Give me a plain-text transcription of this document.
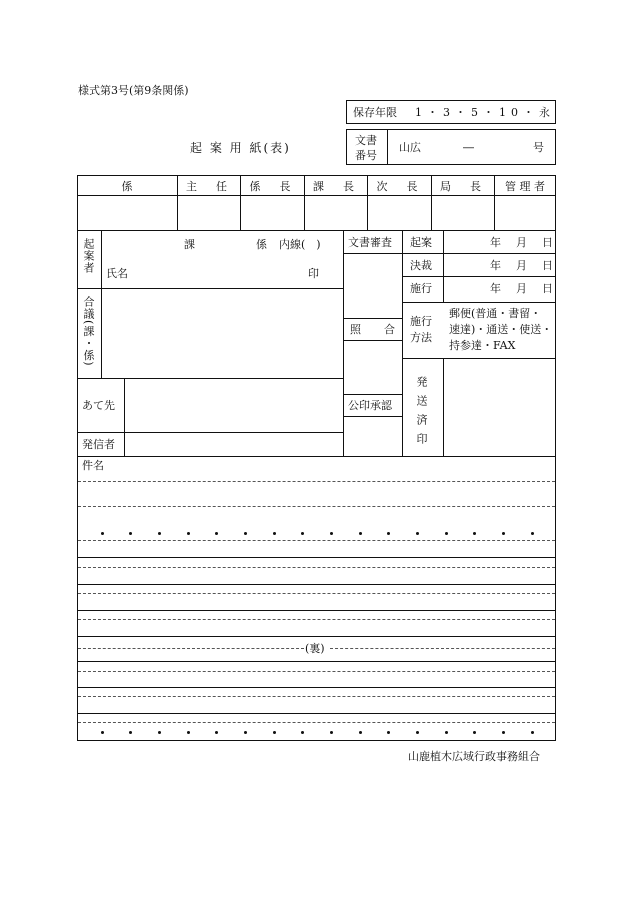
様式第3号(第9条関係)
起 案 用 紙(表)
保存年限 1・3・5・10・永
文書
番号
山広	―	号
係	主　任	係　長	課　長	次　長	局　長	管 理 者
起案者	課	係 内線(　)
氏名	印
合議(課・係)
あて先
発信者
文書審査
照　合
公印承認
起案	年　月　日
決裁	年　月　日
施行	年　月　日
施行
方法
郵便(普通・書留・
速達)・通送・使送・
持参達・FAX
発送済印
件名
(裏)
山鹿植木広域行政事務組合
